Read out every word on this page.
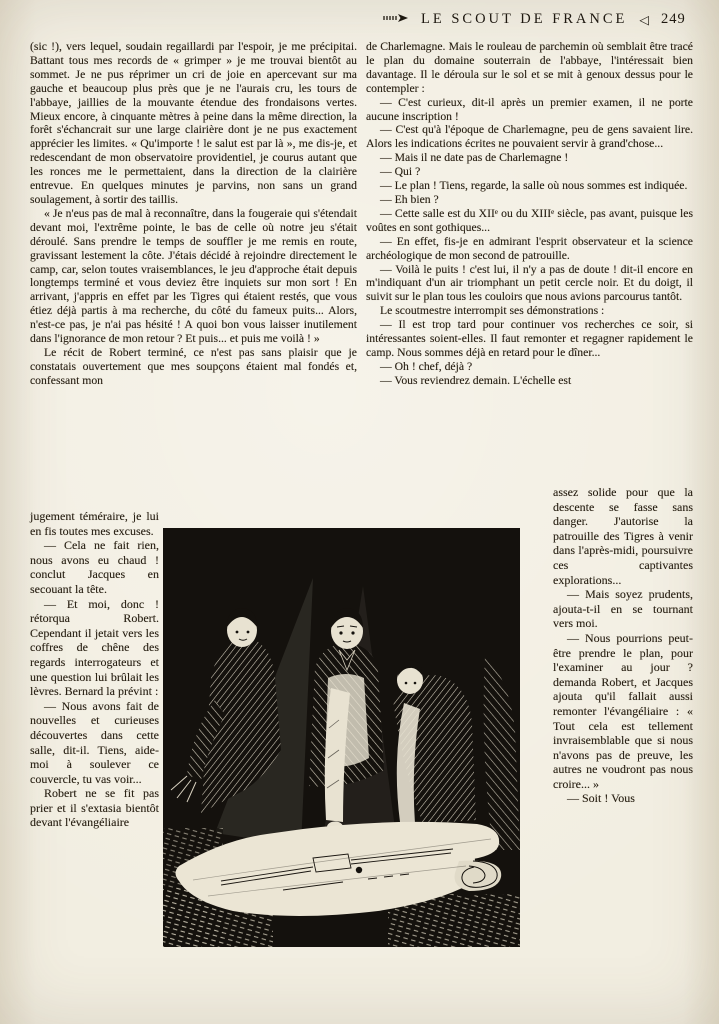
LE SCOUT DE FRANCE ◁ 249

(sic !), vers lequel, soudain regaillardi par l'espoir, je me précipitai. Battant tous mes records de « grimper » je me trouvai bientôt au sommet. Je ne pus réprimer un cri de joie en apercevant sur ma gauche et beaucoup plus près que je ne l'aurais cru, les tours de l'abbaye, jaillies de la mouvante étendue des frondaisons vertes. Mieux encore, à cinquante mètres à peine dans la même direction, la forêt s'échancrait sur une large clairière dont je ne pus exactement apprécier les limites. « Qu'importe ! le salut est par là », me dis-je, et redescendant de mon observatoire providentiel, je courus autant que les ronces me le permettaient, dans la direction de la clairière entrevue. En quelques minutes je parvins, non sans un grand soulagement, à sortir des taillis.

« Je n'eus pas de mal à reconnaître, dans la fougeraie qui s'étendait devant moi, l'extrême pointe, le bas de celle où notre jeu s'était déroulé. Sans prendre le temps de souffler je me remis en route, gravissant lestement la côte. J'étais décidé à rejoindre directement le camp, car, selon toutes vraisemblances, le jeu d'approche était depuis longtemps terminé et vous deviez être inquiets sur mon sort ! En arrivant, j'appris en effet par les Tigres qui étaient restés, que vous étiez déjà partis à ma recherche, du côté du fameux puits... Alors, n'est-ce pas, je n'ai pas hésité ! A quoi bon vous laisser inutilement dans l'ignorance de mon retour ? Et puis... et puis me voilà ! »

Le récit de Robert terminé, ce n'est pas sans plaisir que je constatais ouvertement que mes soupçons étaient mal fondés et, confessant mon

de Charlemagne. Mais le rouleau de parchemin où semblait être tracé le plan du domaine souterrain de l'abbaye, l'intéressait bien davantage. Il le déroula sur le sol et se mit à genoux dessus pour le contempler :

— C'est curieux, dit-il après un premier examen, il ne porte aucune inscription !

— C'est qu'à l'époque de Charlemagne, peu de gens savaient lire. Alors les indications écrites ne pouvaient servir à grand'chose...

— Mais il ne date pas de Charlemagne !

— Qui ?

— Le plan ! Tiens, regarde, la salle où nous sommes est indiquée.

— Eh bien ?

— Cette salle est du XIIᵉ ou du XIIIᵉ siècle, pas avant, puisque les voûtes en sont gothiques...

— En effet, fis-je en admirant l'esprit observateur et la science archéologique de mon second de patrouille.

— Voilà le puits ! c'est lui, il n'y a pas de doute ! dit-il encore en m'indiquant d'un air triomphant un petit cercle noir. Et du doigt, il suivit sur le plan tous les couloirs que nous avions parcourus tantôt.

Le scoutmestre interrompit ses démonstrations :

— Il est trop tard pour continuer vos recherches ce soir, si intéressantes soient-elles. Il faut remonter et regagner rapidement le camp. Nous sommes déjà en retard pour le dîner...

— Oh ! chef, déjà ?

— Vous reviendrez demain. L'échelle est

jugement téméraire, je lui en fis toutes mes excuses.

— Cela ne fait rien, nous avons eu chaud ! conclut Jacques en secouant la tête.

— Et moi, donc ! rétorqua Robert. Cependant il jetait vers les coffres de chêne des regards interrogateurs et une question lui brûlait les lèvres. Bernard la prévint :

— Nous avons fait de nouvelles et curieuses découvertes dans cette salle, dit-il. Tiens, aide-moi à soulever ce couvercle, tu vas voir...

Robert ne se fit pas prier et il s'extasia bientôt devant l'évangéliaire

assez solide pour que la descente se fasse sans danger. J'autorise la patrouille des Tigres à venir dans l'après-midi, poursuivre ces captivantes explorations...

— Mais soyez prudents, ajouta-t-il en se tournant vers moi.

— Nous pourrions peut-être prendre le plan, pour l'examiner au jour ? demanda Robert, et Jacques ajouta qu'il fallait aussi remonter l'évangéliaire : « Tout cela est tellement invraisemblable que si nous n'avons pas de preuve, les autres ne voudront pas nous croire... »

— Soit ! Vous
